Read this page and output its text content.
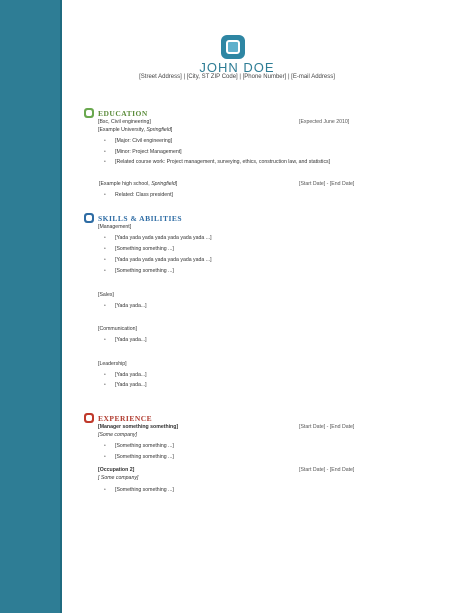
JOHN DOE
[Street Address] | [City, ST ZIP Code] | [Phone Number] | [E-mail Address]
EDUCATION
[Bsc, Civil engineering]	[Expected June 2010]
[Example University, Springfield]
• [Major: Civil engineering]
• [Minor: Project Management]
• [Related course work: Project management, surveying, ethics, construction law, and statistics]
[Example high school, Springfield]	[Start Date] - [End Date]
• Related: Class president]
SKILLS & ABILITIES
[Management]
• [Yada yada yada yada yada yada yada ...]
• [Something something ...]
• [Yada yada yada yada yada yada yada ...]
• [Something something ...]
[Sales]
• [Yada yada...]
[Communication]
• [Yada yada...]
[Leadership]
• [Yada yada...]
• [Yada yada...]
EXPERIENCE
[Manager something something]	[Start Date] - [End Date]
[Some company]
• [Something something ...]
• [Something something ...]
[Occupation 2]	[Start Date] - [End Date]
[ Some company]
• [Something something ...]
